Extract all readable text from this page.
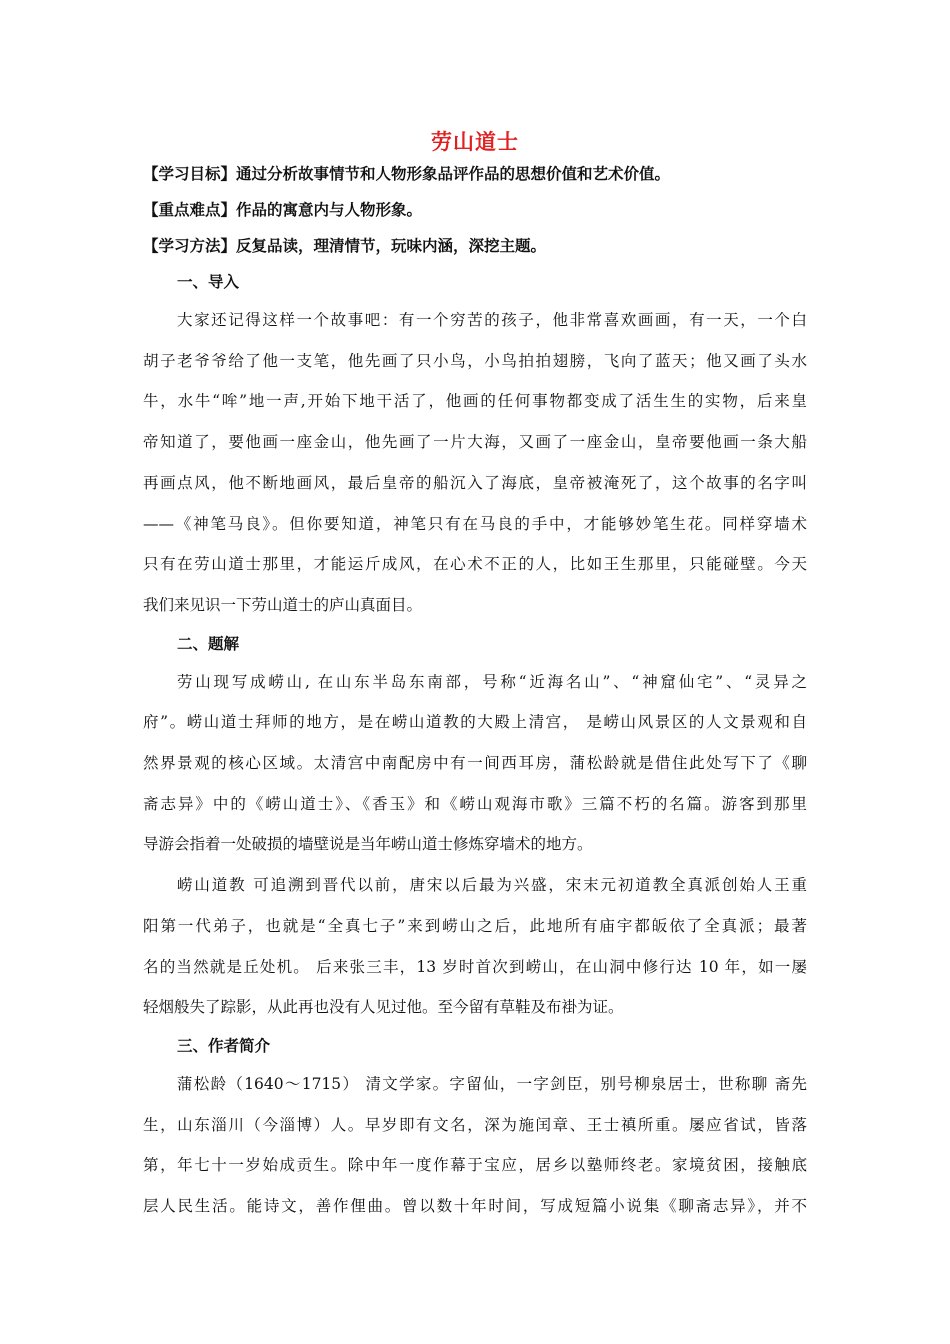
劳山道士
【学习目标】通过分析故事情节和人物形象品评作品的思想价值和艺术价值。
【重点难点】作品的寓意内与人物形象。
【学习方法】反复品读，理清情节，玩味内涵，深挖主题。
一、导入
大家还记得这样一个故事吧：有一个穷苦的孩子，他非常喜欢画画，有一天，一个白
胡子老爷爷给了他一支笔，他先画了只小鸟，小鸟拍拍翅膀，飞向了蓝天；他又画了头水
牛，水牛“哞”地一声,开始下地干活了，他画的任何事物都变成了活生生的实物，后来皇
帝知道了，要他画一座金山，他先画了一片大海，又画了一座金山，皇帝要他画一条大船
再画点风，他不断地画风，最后皇帝的船沉入了海底，皇帝被淹死了，这个故事的名字叫
——《神笔马良》。但你要知道，神笔只有在马良的手中，才能够妙笔生花。同样穿墙术
只有在劳山道士那里，才能运斤成风，在心术不正的人，比如王生那里，只能碰壁。今天
我们来见识一下劳山道士的庐山真面目。
二、题解
劳山现写成崂山, 在山东半岛东南部，号称“近海名山”、“神窟仙宅”、“灵异之
府”。崂山道士拜师的地方，是在崂山道教的大殿上清宫， 是崂山风景区的人文景观和自
然界景观的核心区域。太清宫中南配房中有一间西耳房，蒲松龄就是借住此处写下了《聊
斋志异》中的《崂山道士》、《香玉》和《崂山观海市歌》三篇不朽的名篇。游客到那里
导游会指着一处破损的墙壁说是当年崂山道士修炼穿墙术的地方。
崂山道教 可追溯到晋代以前，唐宋以后最为兴盛，宋末元初道教全真派创始人王重
阳第一代弟子，也就是“全真七子”来到崂山之后，此地所有庙宇都皈依了全真派；最著
名的当然就是丘处机。 后来张三丰，13 岁时首次到崂山，在山洞中修行达 10 年，如一屡
轻烟般失了踪影，从此再也没有人见过他。至今留有草鞋及布褂为证。
三、作者简介
蒲松龄（1640～1715） 清文学家。字留仙，一字剑臣，别号柳泉居士，世称聊 斋先
生，山东淄川（今淄博）人。早岁即有文名，深为施闰章、王士禛所重。屡应省试，皆落
第，年七十一岁始成贡生。除中年一度作幕于宝应，居乡以塾师终老。家境贫困，接触底
层人民生活。能诗文，善作俚曲。曾以数十年时间，写成短篇小说集《聊斋志异》，并不
